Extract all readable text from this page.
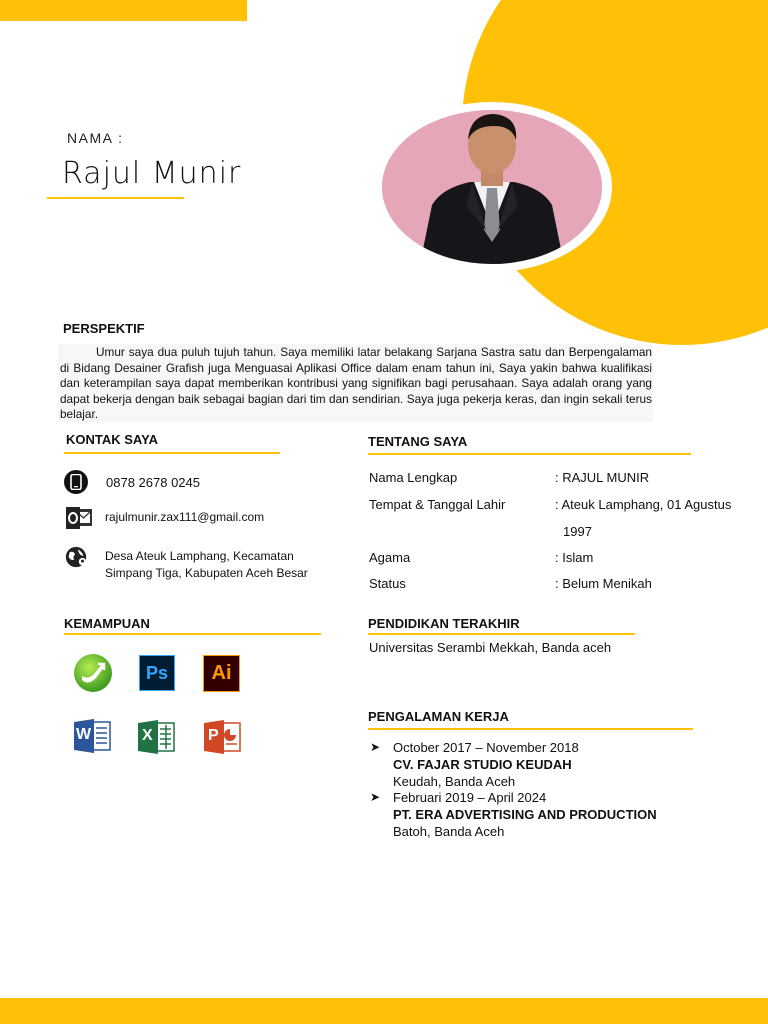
NAMA :
Rajul Munir
PERSPEKTIF
Umur saya dua puluh tujuh tahun. Saya memiliki latar belakang Sarjana Sastra satu dan Berpengalaman di Bidang Desainer Grafish juga Menguasai Aplikasi Office dalam enam tahun ini, Saya yakin bahwa kualifikasi dan keterampilan saya dapat memberikan kontribusi yang signifikan bagi perusahaan. Saya adalah orang yang dapat bekerja dengan baik sebagai bagian dari tim dan sendirian. Saya juga pekerja keras, dan ingin sekali terus belajar.
KONTAK SAYA
0878 2678 0245
rajulmunir.zax111@gmail.com
Desa Ateuk Lamphang, Kecamatan
Simpang Tiga, Kabupaten Aceh Besar
KEMAMPUAN
Ps Ai
W	X	P
TENTANG SAYA
Nama Lengkap	: RAJUL MUNIR
Tempat & Tanggal Lahir	: Ateuk Lamphang, 01 Agustus
1997
Agama	: Islam
Status	: Belum Menikah
PENDIDIKAN TERAKHIR
Universitas Serambi Mekkah, Banda aceh
PENGALAMAN KERJA
➤ October 2017 – November 2018
CV. FAJAR STUDIO KEUDAH
Keudah, Banda Aceh
➤ Februari 2019 – April 2024
PT. ERA ADVERTISING AND PRODUCTION
Batoh, Banda Aceh
